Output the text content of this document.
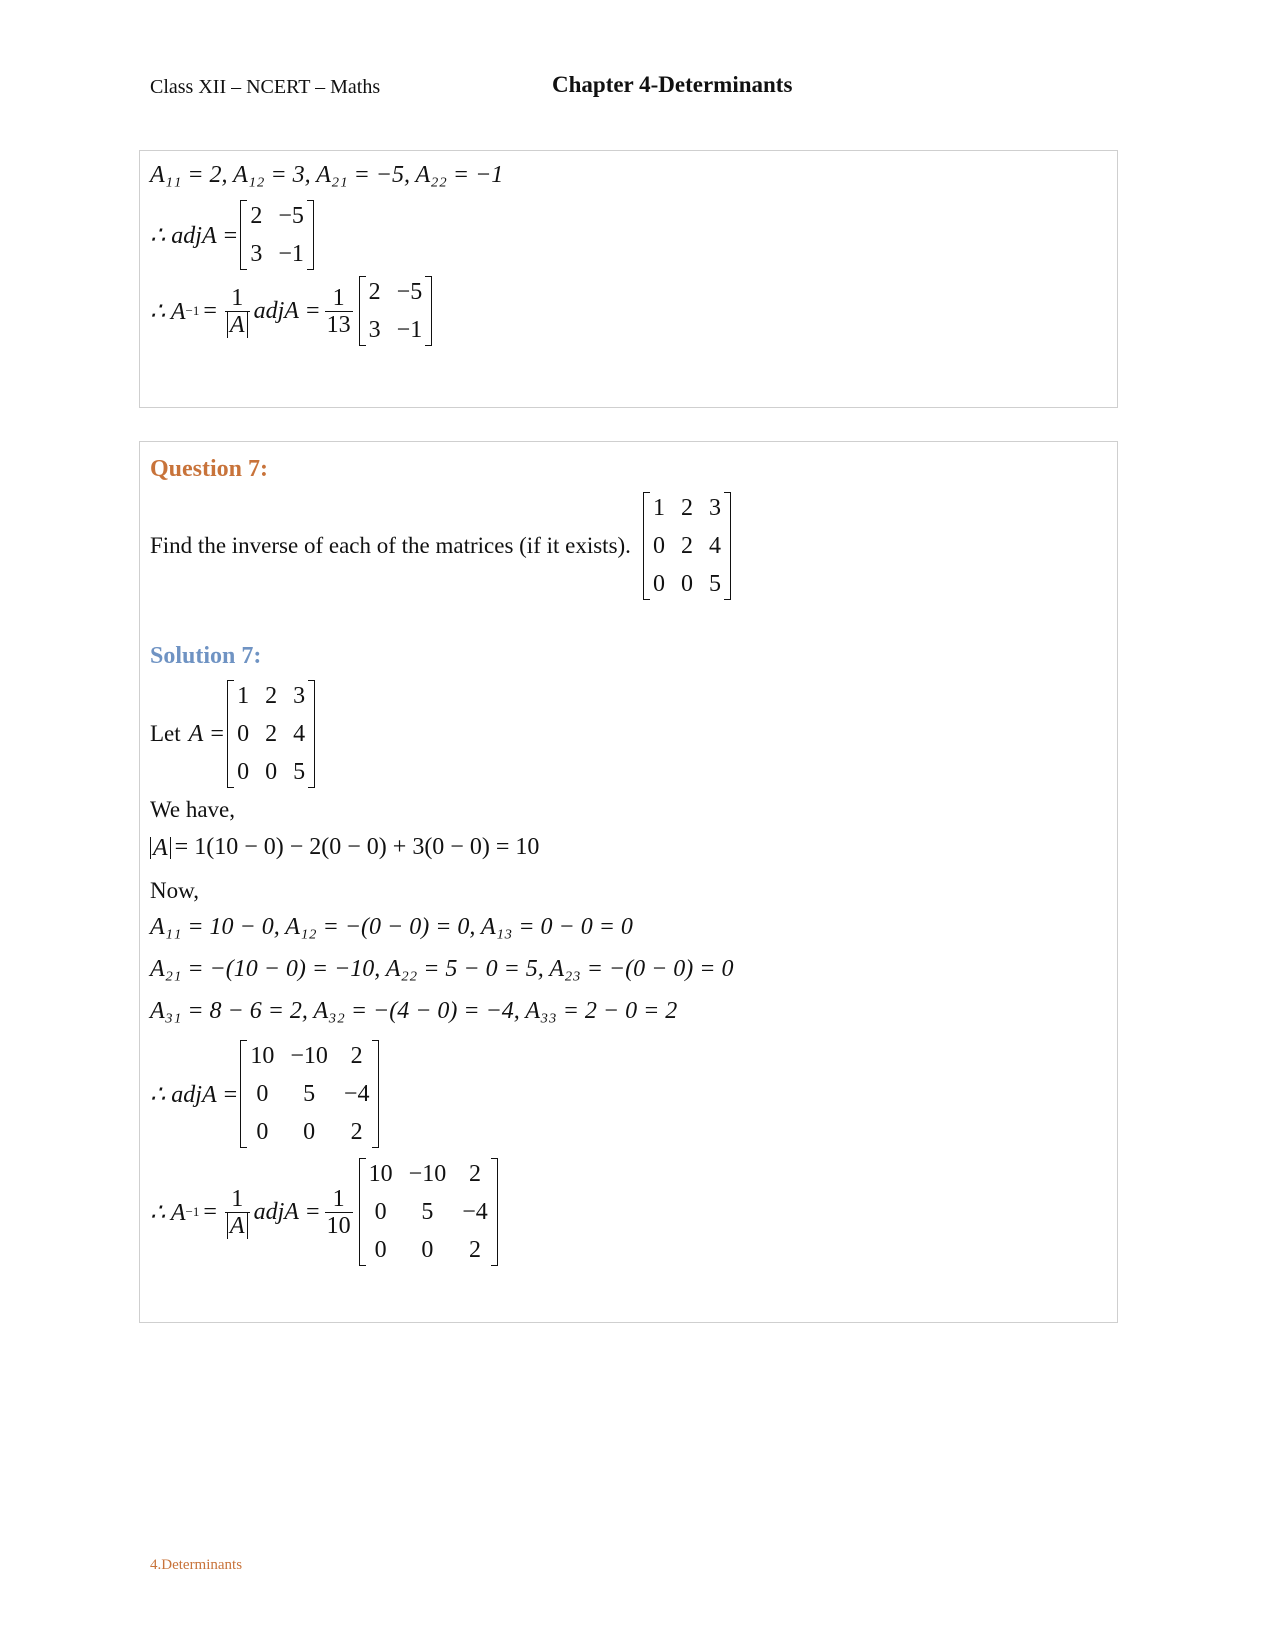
Class XII – NCERT – Maths	Chapter 4-Determinants
A₁₁ = 2, A₁₂ = 3, A₂₁ = −5, A₂₂ = −1
∴ adjA =
2 −5
3 −1
∴ $A -1 = \frac{1}{A}$ adjA = $\frac{1}{13} 2 -5$
3 −1
Question 7:
Find the inverse of each of the matrices (if it exists).
1 2 3
0 2 4
0 0 5
Solution 7:
Let A =
1 2 3
0 2 4
0 0 5
We have,
A = 1(10 − 0) − 2(0 − 0) + 3(0 − 0) = 10
Now,
A₁₁ = 10 − 0, A₁₂ = −(0 − 0) = 0, A₁₃ = 0 − 0 = 0
A₂₁ = −(10 − 0) = −10, A₂₂ = 5 − 0 = 5, A₂₃ = −(0 − 0) = 0
A₃₁ = 8 − 6 = 2, A₃₂ = −(4 − 0) = −4, A₃₃ = 2 − 0 = 2
∴ adjA =
10 −10 2
0	5	−4
0	0	2
∴ $A -1 = \frac{1}{A}$ adjA = $\frac{1}{10}$
10 −10 2
0	5	−4
0	0	2
4.Determinants
